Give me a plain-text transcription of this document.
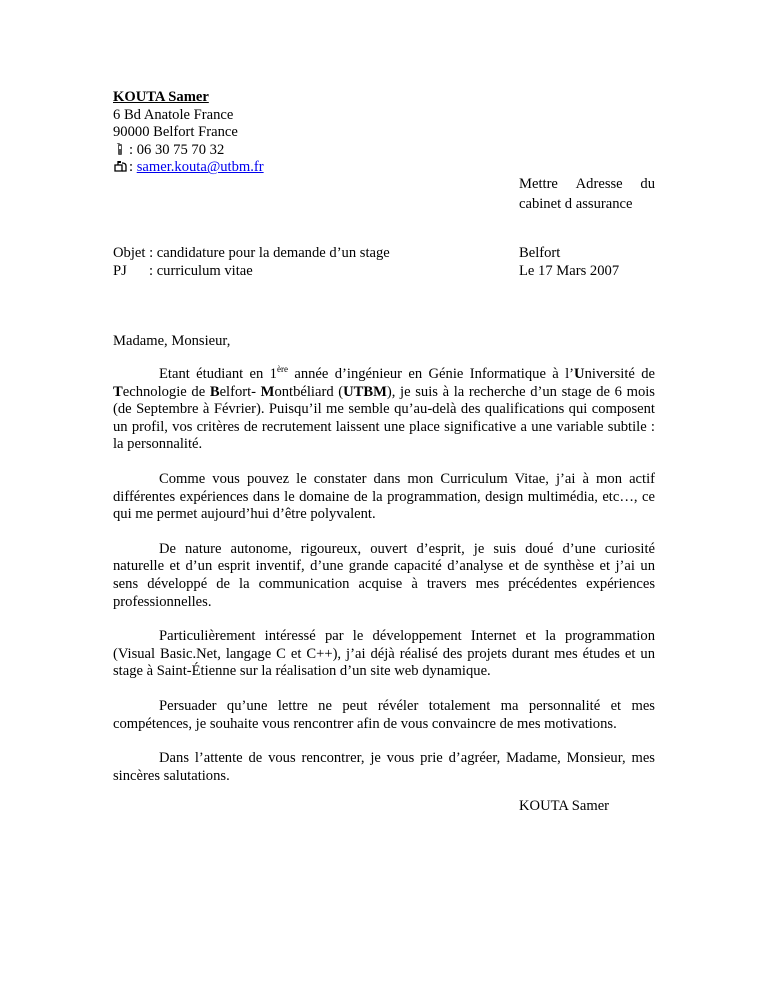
KOUTA Samer
6 Bd Anatole France
90000 Belfort France
: 06 30 75 70 32
: samer.kouta@utbm.fr
Mettre Adresse du
cabinet d assurance
Objet : candidature pour la demande d’un stage
PJ : curriculum vitae
Belfort
Le 17 Mars 2007
Madame, Monsieur,

Etant étudiant en 1ère année d’ingénieur en Génie Informatique à l’Université de Technologie de Belfort- Montbéliard (UTBM), je suis à la recherche d’un stage de 6 mois (de Septembre à Février). Puisqu’il me semble qu’au-delà des qualifications qui composent un profil, vos critères de recrutement laissent une place significative a une variable subtile : la personnalité.

Comme vous pouvez le constater dans mon Curriculum Vitae, j’ai à mon actif différentes expériences dans le domaine de la programmation, design multimédia, etc…, ce qui me permet aujourd’hui d’être polyvalent.

De nature autonome, rigoureux, ouvert d’esprit, je suis doué d’une curiosité naturelle et d’un esprit inventif, d’une grande capacité d’analyse et de synthèse et j’ai un sens développé de la communication acquise à travers mes précédentes expériences professionnelles.

Particulièrement intéressé par le développement Internet et la programmation (Visual Basic.Net, langage C et C++), j’ai déjà réalisé des projets durant mes études et un stage à Saint-Étienne sur la réalisation d’un site web dynamique.

Persuader qu’une lettre ne peut révéler totalement ma personnalité et mes compétences, je souhaite vous rencontrer afin de vous convaincre de mes motivations.

Dans l’attente de vous rencontrer, je vous prie d’agréer, Madame, Monsieur, mes sincères salutations.

KOUTA Samer
